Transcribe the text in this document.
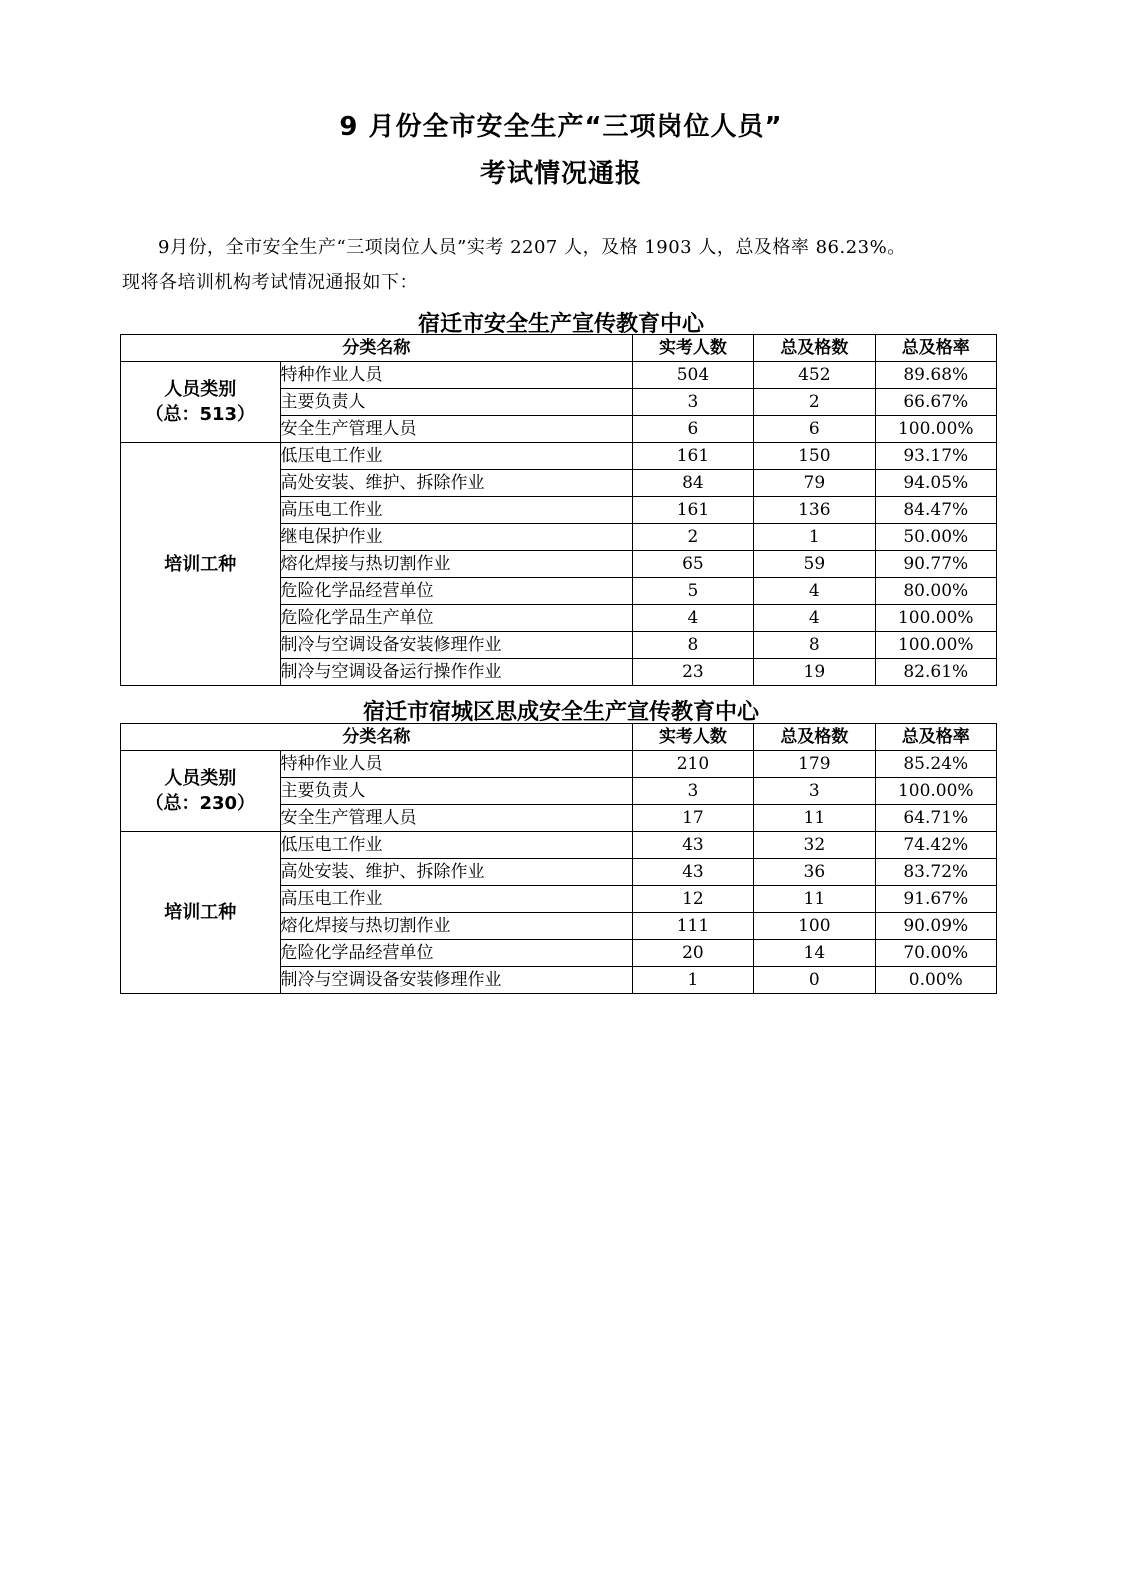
9 月份全市安全生产“三项岗位人员”
考试情况通报
9月份，全市安全生产“三项岗位人员”实考 2207 人，及格 1903 人，总及格率 86.23%。
现将各培训机构考试情况通报如下：
宿迁市安全生产宣传教育中心
分类名称		实考人数	总及格数	总及格率

人员类别
（总：513）	特种作业人员	504	452	89.68%
	主要负责人	3	2	66.67%
	安全生产管理人员	6	6	100.00%
培训工种	低压电工作业	161	150	93.17%
	高处安装、维护、拆除作业	84	79	94.05%
	高压电工作业	161	136	84.47%
	继电保护作业	2	1	50.00%
	熔化焊接与热切割作业	65	59	90.77%
	危险化学品经营单位	5	4	80.00%
	危险化学品生产单位	4	4	100.00%
	制冷与空调设备安装修理作业	8	8	100.00%
	制冷与空调设备运行操作作业	23	19	82.61%
宿迁市宿城区思成安全生产宣传教育中心
分类名称		实考人数	总及格数	总及格率

人员类别
（总：230）	特种作业人员	210	179	85.24%
	主要负责人	3	3	100.00%
	安全生产管理人员	17	11	64.71%
培训工种	低压电工作业	43	32	74.42%
	高处安装、维护、拆除作业	43	36	83.72%
	高压电工作业	12	11	91.67%
	熔化焊接与热切割作业	111	100	90.09%
	危险化学品经营单位	20	14	70.00%
	制冷与空调设备安装修理作业	1	0	0.00%
